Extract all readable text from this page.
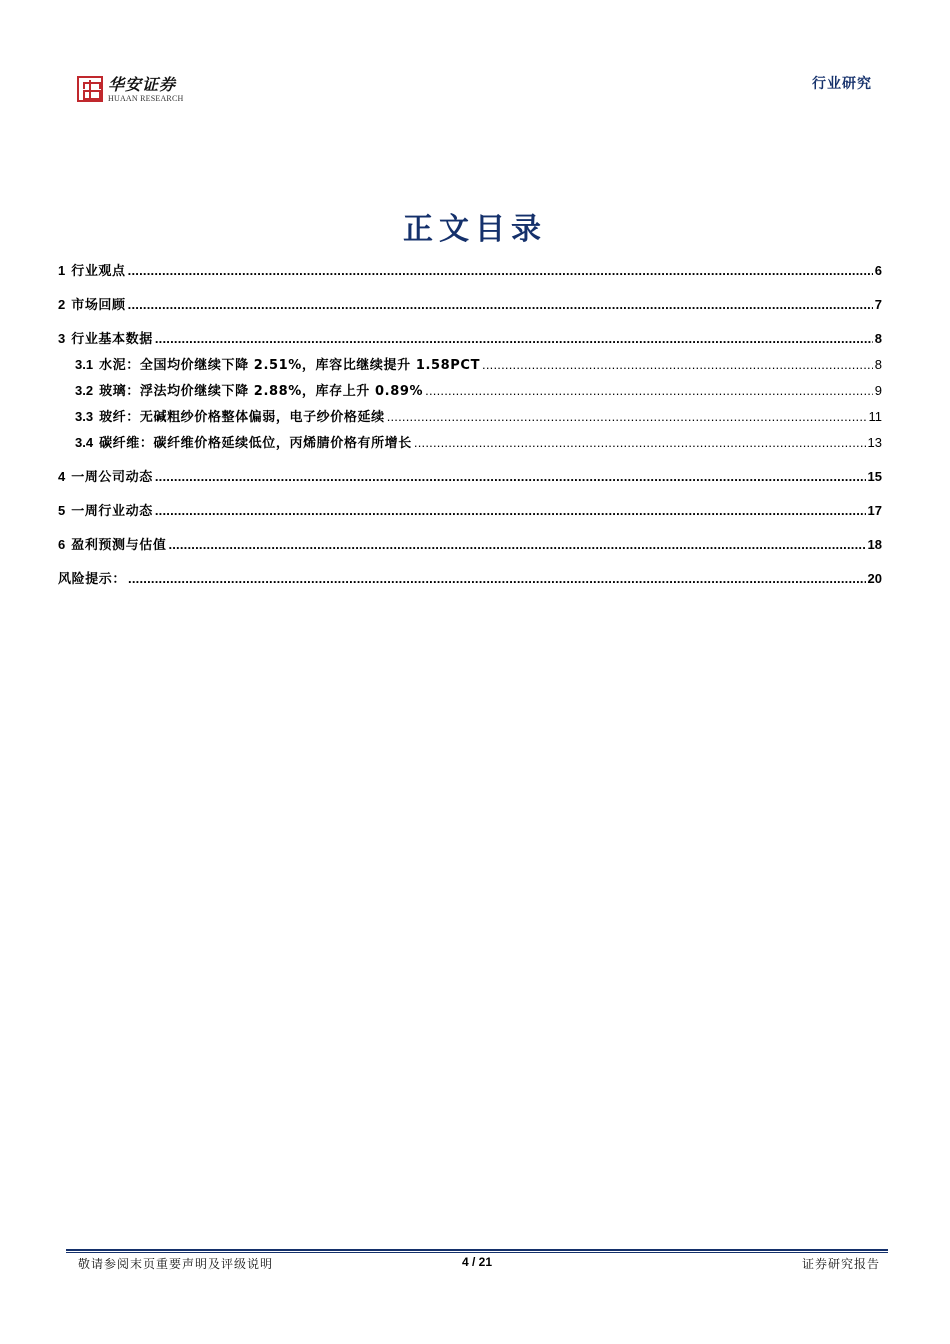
华安证券
HUAAN RESEARCH
行业研究
正文目录
1 行业观点 .....	6
2 市场回顾 .....	7
3 行业基本数据 .....	8
3.1 水泥：全国均价继续下降 2.51%，库容比继续提升 1.58PCT .....	8
3.2 玻璃：浮法均价继续下降 2.88%，库存上升 0.89% .....	9
3.3 玻纤：无碱粗纱价格整体偏弱，电子纱价格延续 .....	11
3.4 碳纤维：碳纤维价格延续低位，丙烯腈价格有所增长 .....	13
4 一周公司动态 .....	15
5 一周行业动态 .....	17
6 盈利预测与估值 .....	18
风险提示： .....	20
敬请参阅末页重要声明及评级说明	4 / 21	证券研究报告
